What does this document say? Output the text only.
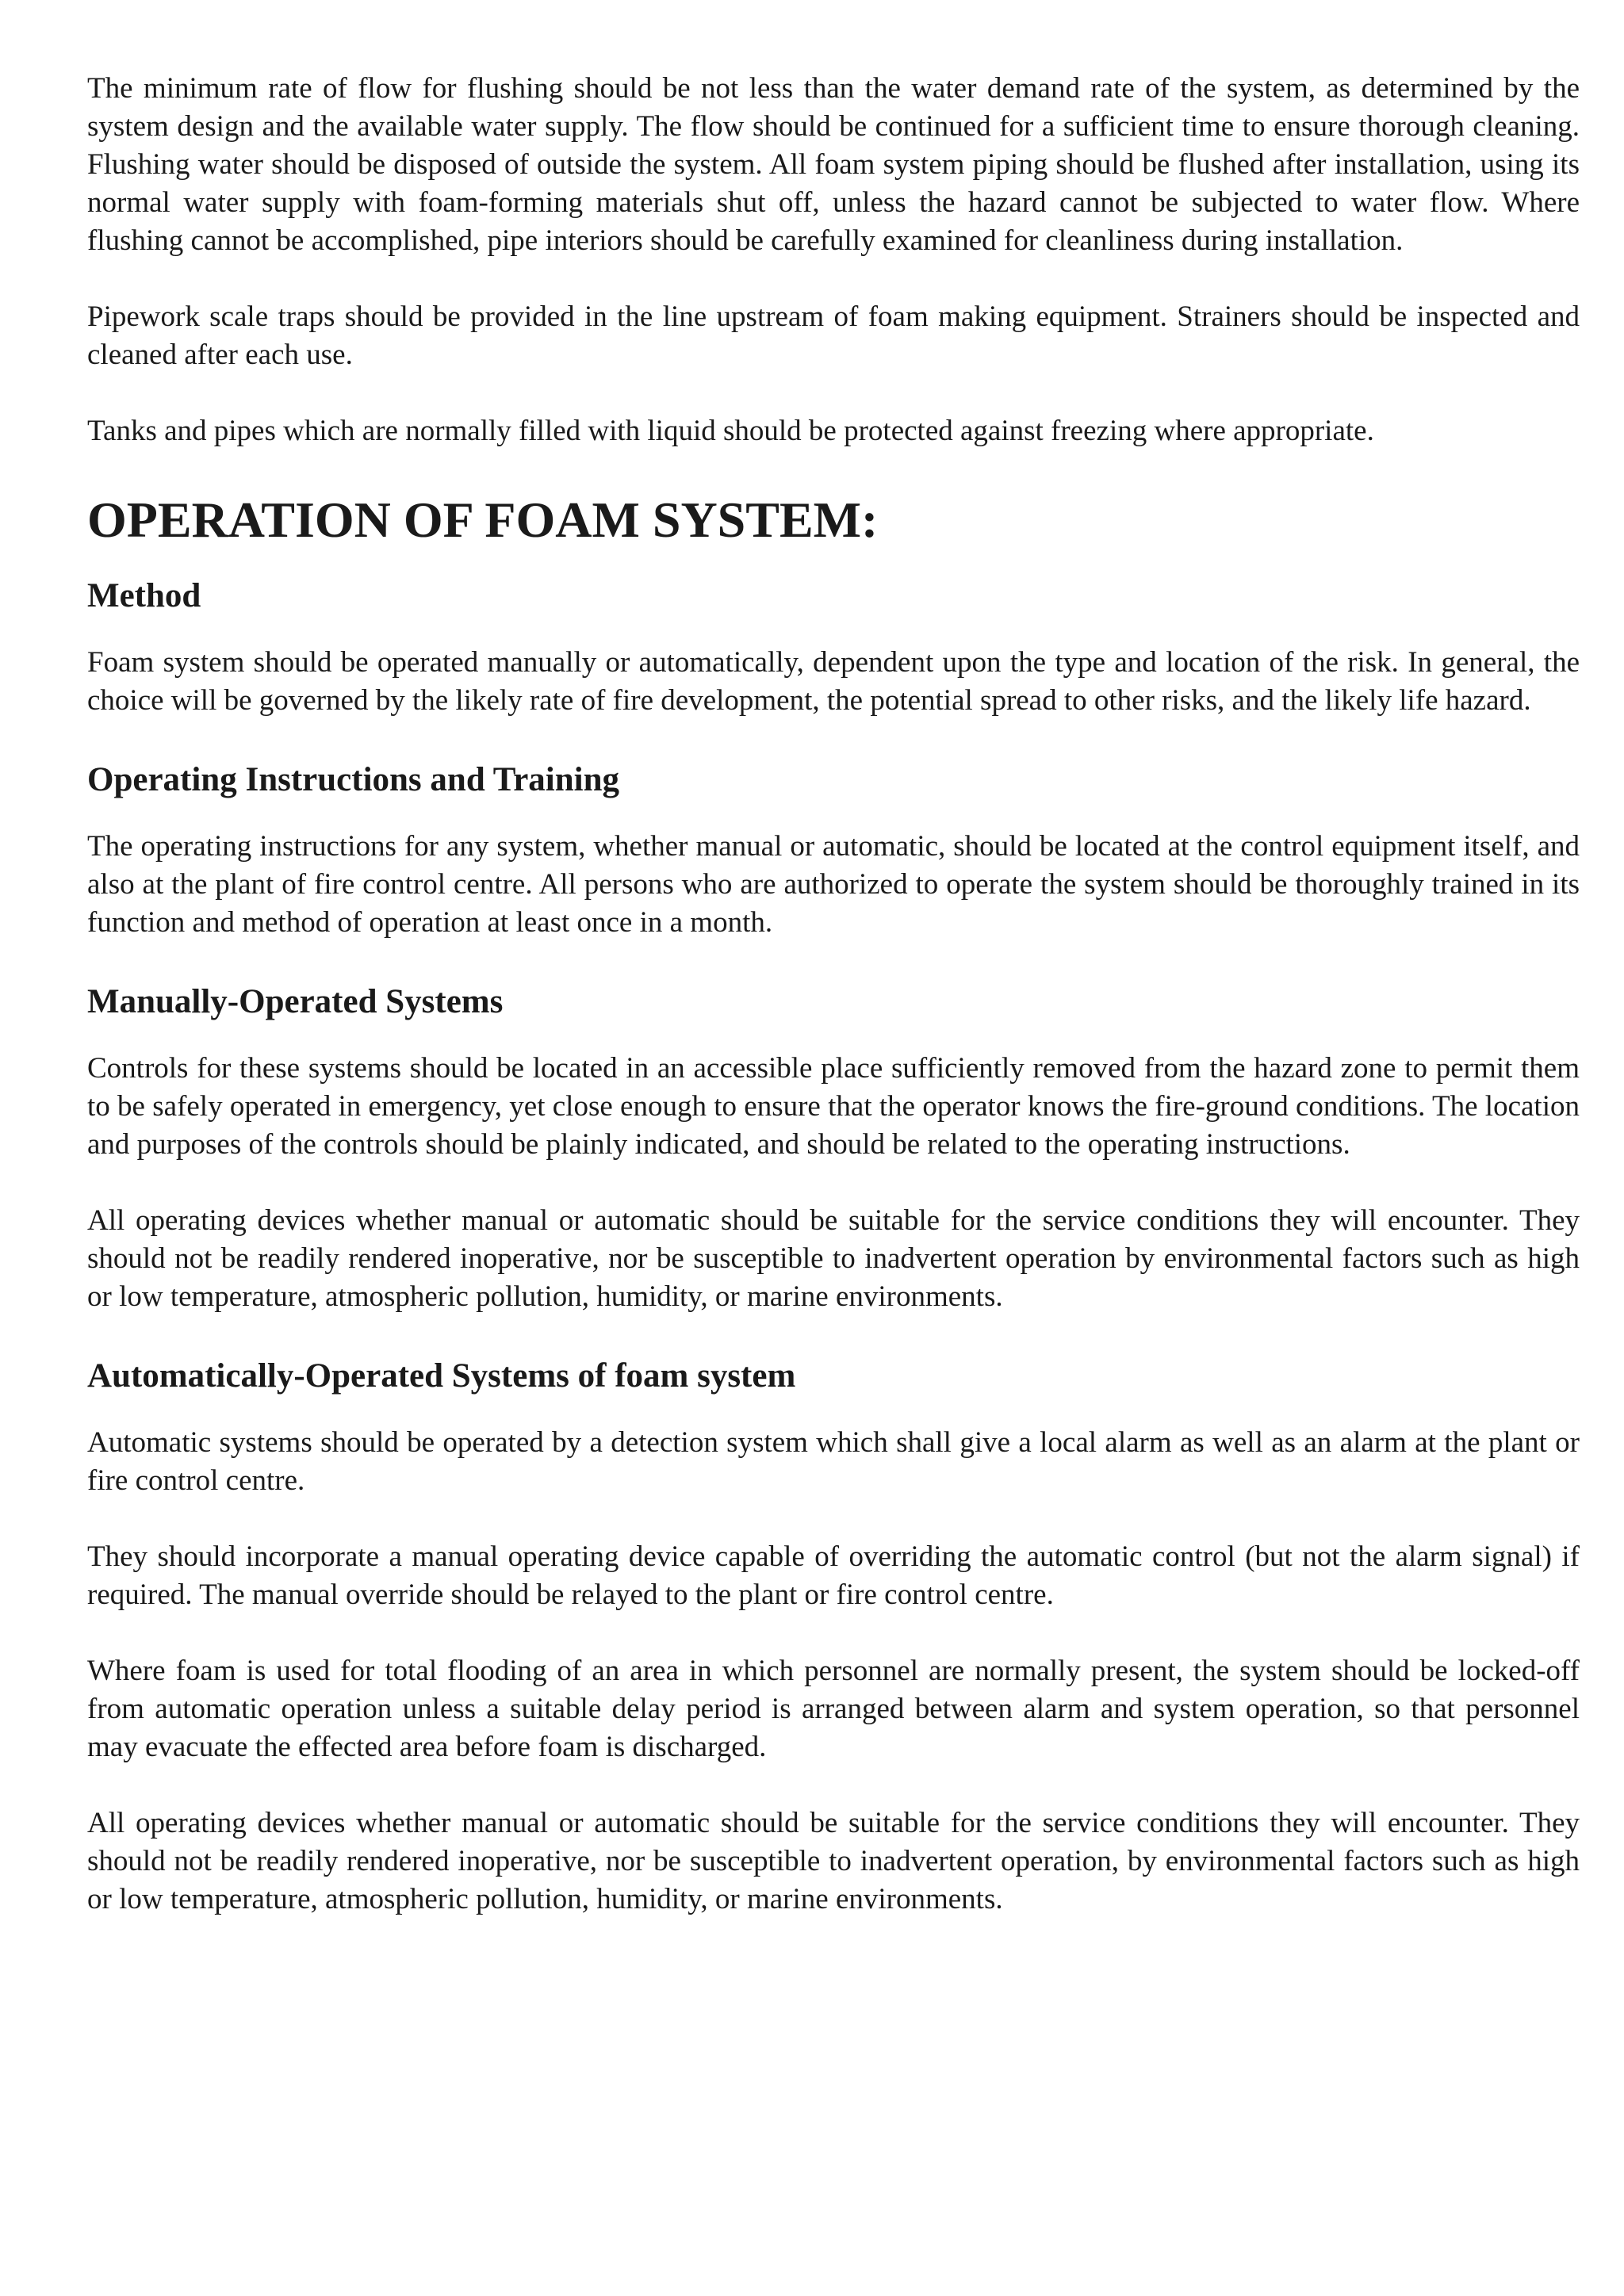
The minimum rate of flow for flushing should be not less than the water demand rate of the system, as determined by the system design and the available water supply. The flow should be continued for a sufficient time to ensure thorough cleaning. Flushing water should be disposed of outside the system. All foam system piping should be flushed after installation, using its normal water supply with foam-forming materials shut off, unless the hazard cannot be subjected to water flow. Where flushing cannot be accomplished, pipe interiors should be carefully examined for cleanliness during installation.

Pipework scale traps should be provided in the line upstream of foam making equipment. Strainers should be inspected and cleaned after each use.

Tanks and pipes which are normally filled with liquid should be protected against freezing where appropriate.

OPERATION OF FOAM SYSTEM:
Method

Foam system should be operated manually or automatically, dependent upon the type and location of the risk. In general, the choice will be governed by the likely rate of fire development, the potential spread to other risks, and the likely life hazard.

Operating Instructions and Training

The operating instructions for any system, whether manual or automatic, should be located at the control equipment itself, and also at the plant of fire control centre. All persons who are authorized to operate the system should be thoroughly trained in its function and method of operation at least once in a month.

Manually-Operated Systems

Controls for these systems should be located in an accessible place sufficiently removed from the hazard zone to permit them to be safely operated in emergency, yet close enough to ensure that the operator knows the fire-ground conditions. The location and purposes of the controls should be plainly indicated, and should be related to the operating instructions.

All operating devices whether manual or automatic should be suitable for the service conditions they will encounter. They should not be readily rendered inoperative, nor be susceptible to inadvertent operation by environmental factors such as high or low temperature, atmospheric pollution, humidity, or marine environments.

Automatically-Operated Systems of foam system

Automatic systems should be operated by a detection system which shall give a local alarm as well as an alarm at the plant or fire control centre.

They should incorporate a manual operating device capable of overriding the automatic control (but not the alarm signal) if required. The manual override should be relayed to the plant or fire control centre.

Where foam is used for total flooding of an area in which personnel are normally present, the system should be locked-off from automatic operation unless a suitable delay period is arranged between alarm and system operation, so that personnel may evacuate the effected area before foam is discharged.

All operating devices whether manual or automatic should be suitable for the service conditions they will encounter. They should not be readily rendered inoperative, nor be susceptible to inadvertent operation, by environmental factors such as high or low temperature, atmospheric pollution, humidity, or marine environments.
